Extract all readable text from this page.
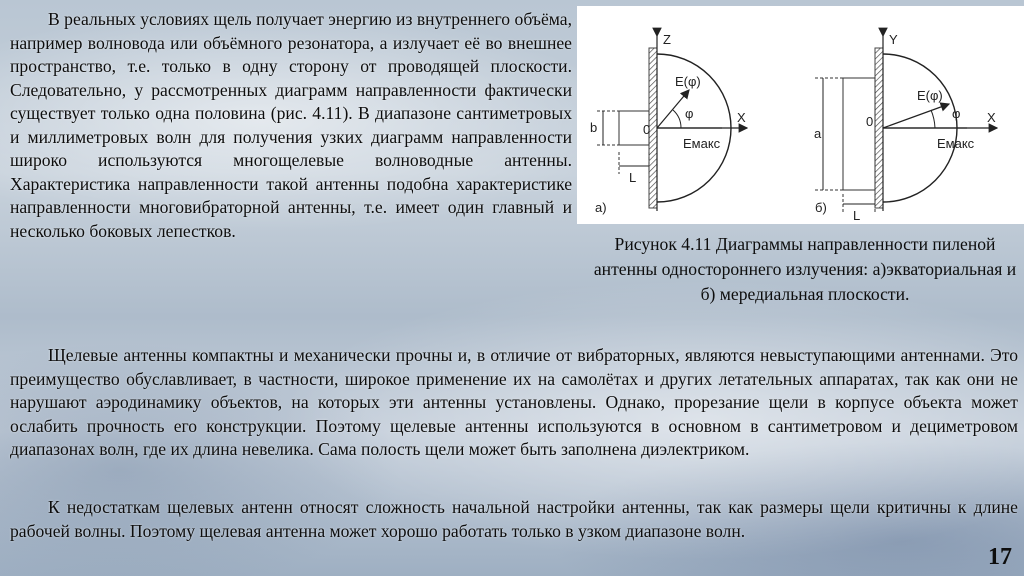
В реальных условиях щель получает энергию из внутреннего объёма, например волновода или объёмного резонатора, а излучает её во внешнее пространство, т.е. только в одну сторону от проводящей плоскости. Следовательно, у рассмотренных диаграмм направленности фактически существует только одна половина (рис. 4.11). В диапазоне сантиметровых и миллиметровых волн для получения узких диаграмм направленности широко используются многощелевые волноводные антенны. Характеристика направленности такой антенны подобна характеристике направленности многовибраторной антенны, т.е. имеет один главный и несколько боковых лепестков.
Z
X
0
E(φ)
φ
Eмакс
b
L
а)
Y
X
0
E(φ)
φ
Eмакс
a
L
б)
Рисунок 4.11 Диаграммы направленности пиленой антенны одностороннего излучения: а)экваториальная и б) мередиальная плоскости.
Щелевые антенны компактны и механически прочны и, в отличие от вибраторных, являются невыступающими антеннами. Это преимущество обуславливает, в частности, широкое применение их на самолётах и других летательных аппаратах, так как они не нарушают аэродинамику объектов, на которых эти антенны установлены. Однако, прорезание щели в корпусе объекта может ослабить прочность его конструкции. Поэтому щелевые антенны используются в основном в сантиметровом и дециметровом диапазонах волн, где их длина невелика. Сама полость щели может быть заполнена диэлектриком.
К недостаткам щелевых антенн относят сложность начальной настройки антенны, так как размеры щели критичны к длине рабочей волны. Поэтому щелевая антенна может хорошо работать только в узком диапазоне волн.
17
